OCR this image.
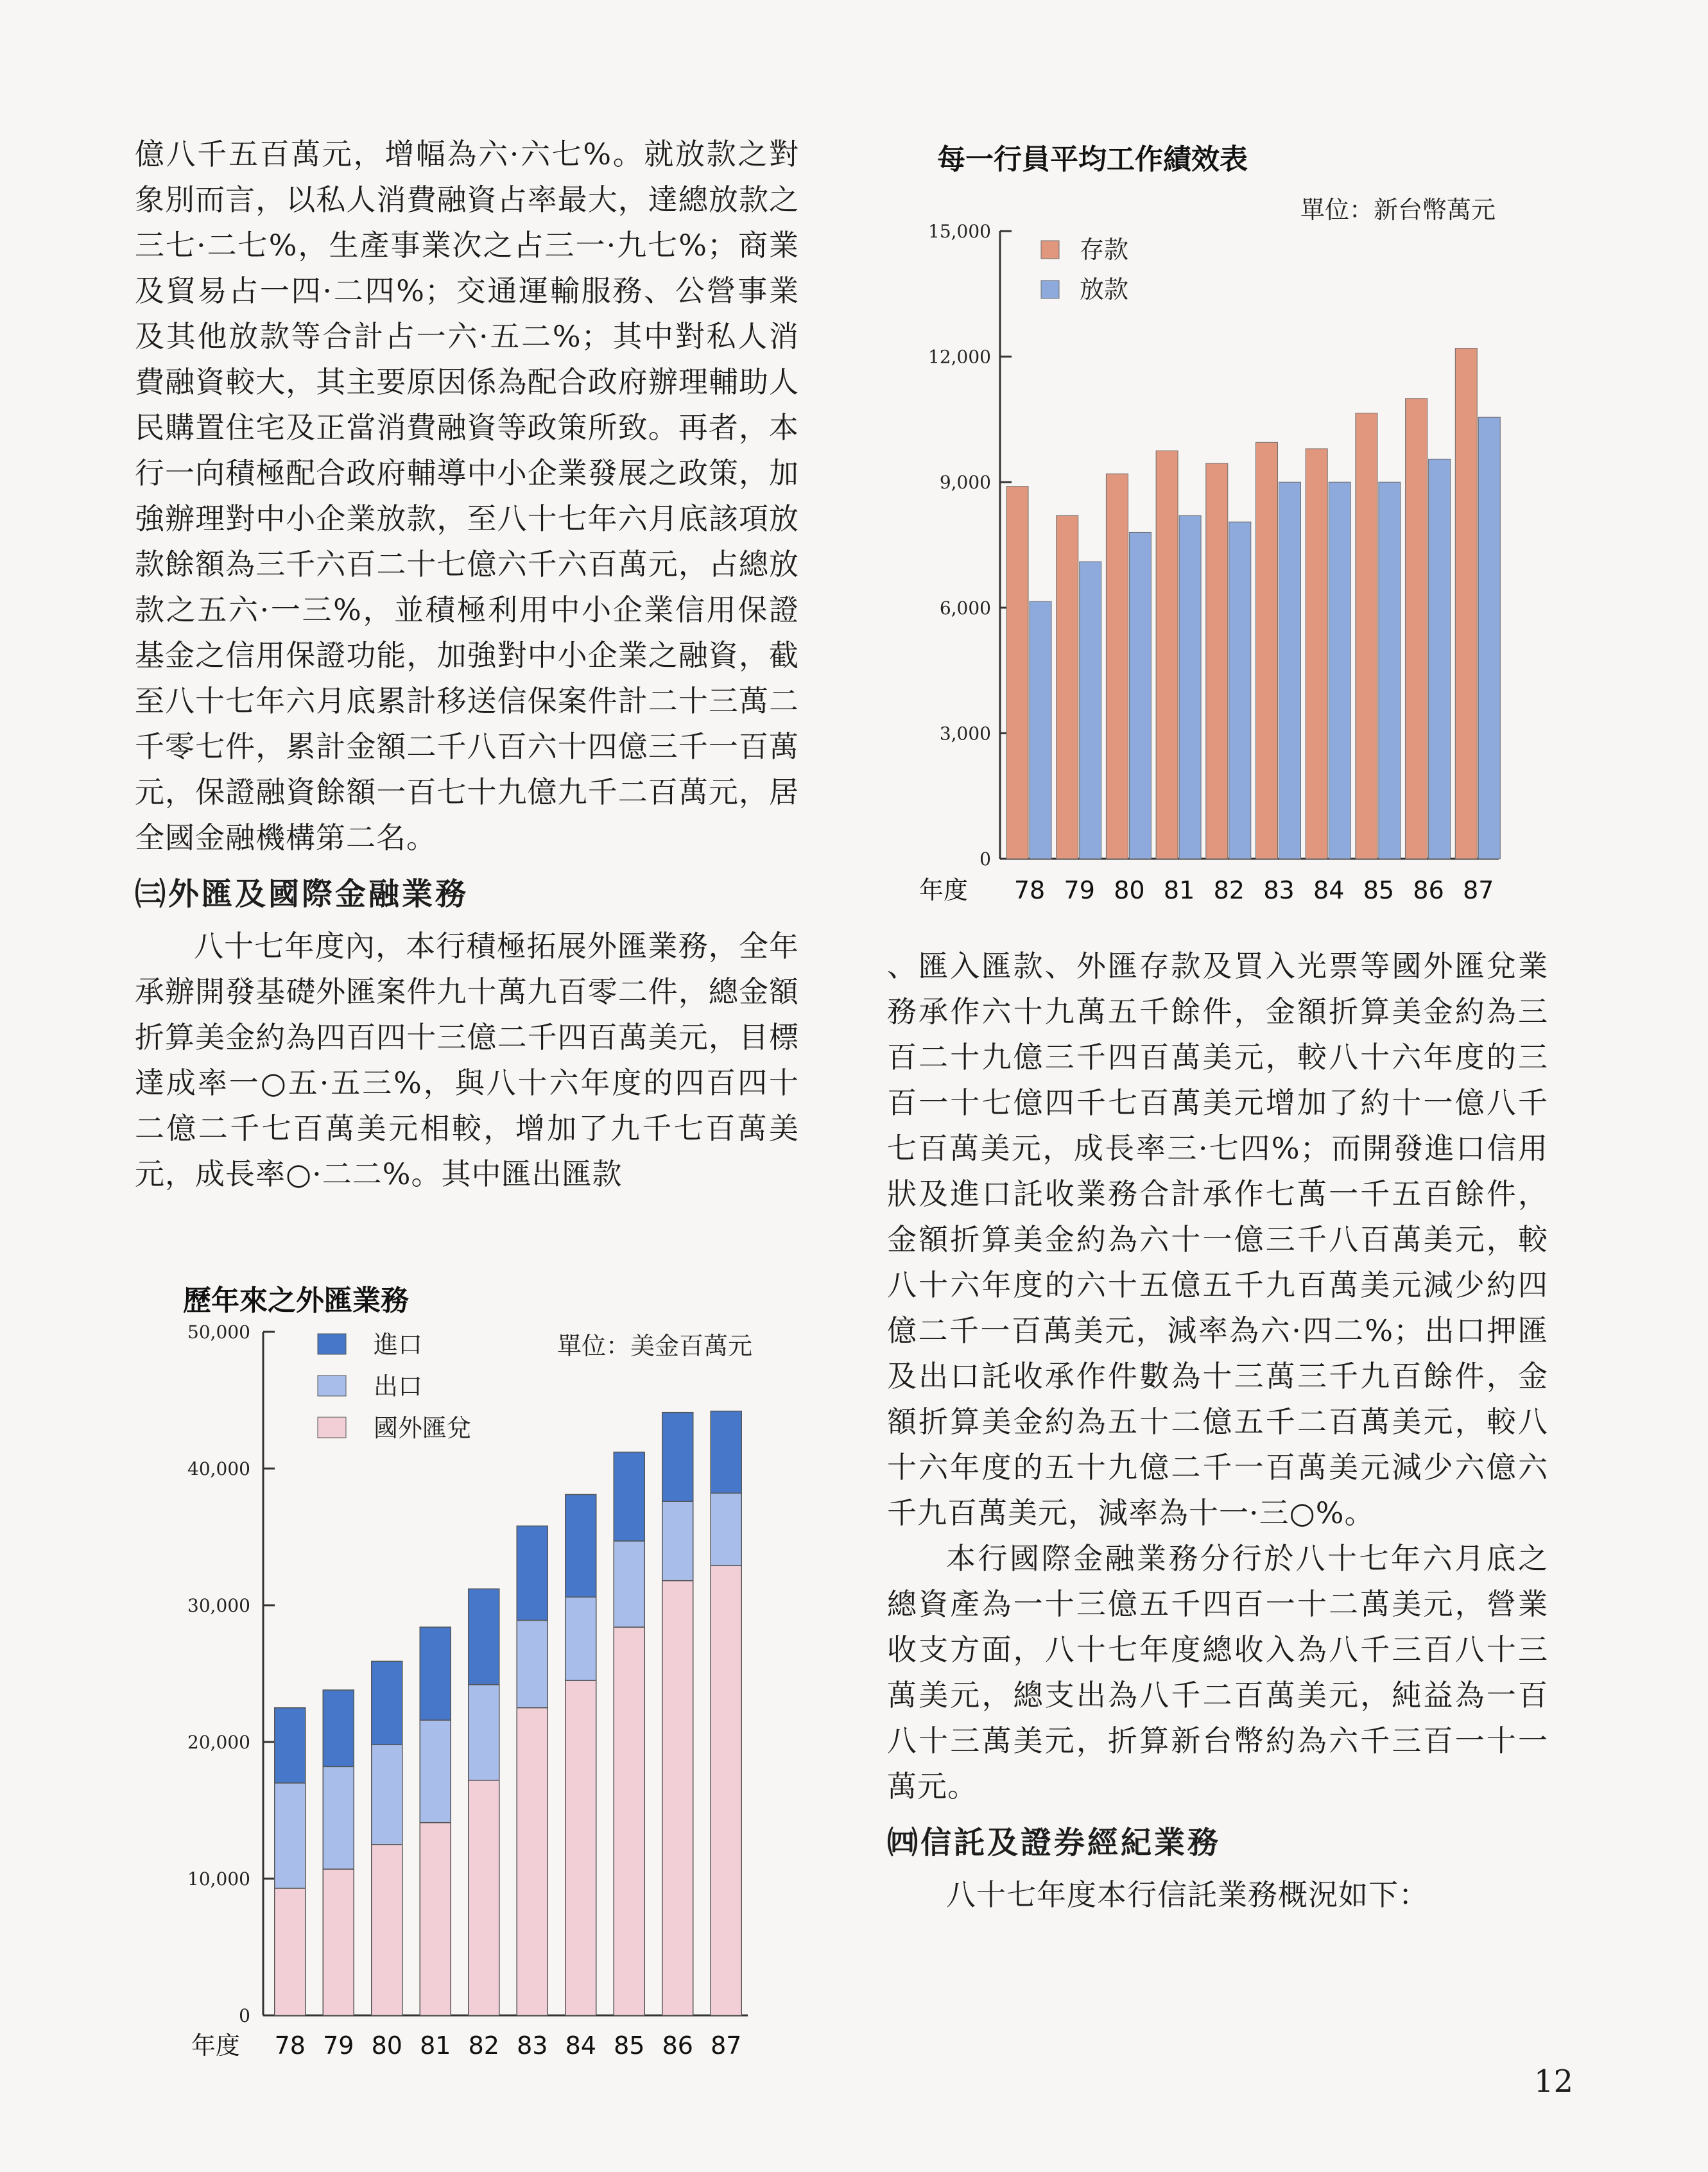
億八千五百萬元，增幅為六·六七%。就放款之對象別而言，以私人消費融資占率最大，達總放款之三七·二七%，生產事業次之占三一·九七%；商業及貿易占一四·二四%；交通運輸服務、公營事業及其他放款等合計占一六·五二%；其中對私人消費融資較大，其主要原因係為配合政府辦理輔助人民購置住宅及正當消費融資等政策所致。再者，本行一向積極配合政府輔導中小企業發展之政策，加強辦理對中小企業放款，至八十七年六月底該項放款餘額為三千六百二十七億六千六百萬元，占總放款之五六·一三%，並積極利用中小企業信用保證基金之信用保證功能，加強對中小企業之融資，截至八十七年六月底累計移送信保案件計二十三萬二千零七件，累計金額二千八百六十四億三千一百萬元，保證融資餘額一百七十九億九千二百萬元，居全國金融機構第二名。

㈢外匯及國際金融業務

八十七年度內，本行積極拓展外匯業務，全年承辦開發基礎外匯案件九十萬九百零二件，總金額折算美金約為四百四十三億二千四百萬美元，目標達成率一○五·五三%，與八十六年度的四百四十二億二千七百萬美元相較，增加了九千七百萬美元，成長率○·二二%。其中匯出匯款

、匯入匯款、外匯存款及買入光票等國外匯兌業務承作六十九萬五千餘件，金額折算美金約為三百二十九億三千四百萬美元，較八十六年度的三百一十七億四千七百萬美元增加了約十一億八千七百萬美元，成長率三·七四%；而開發進口信用狀及進口託收業務合計承作七萬一千五百餘件，金額折算美金約為六十一億三千八百萬美元，較八十六年度的六十五億五千九百萬美元減少約四億二千一百萬美元，減率為六·四二%；出口押匯及出口託收承作件數為十三萬三千九百餘件，金額折算美金約為五十二億五千二百萬美元，較八十六年度的五十九億二千一百萬美元減少六億六千九百萬美元，減率為十一·三○%。

本行國際金融業務分行於八十七年六月底之總資產為一十三億五千四百一十二萬美元，營業收支方面，八十七年度總收入為八千三百八十三萬美元，總支出為八千二百萬美元，純益為一百八十三萬美元，折算新台幣約為六千三百一十一萬元。

㈣信託及證券經紀業務

八十七年度本行信託業務概況如下：

每一行員平均工作績效表
歷年來之外匯業務
0
3,000
6,000
9,000
12,000
15,000
78 79 80 81 82 83 84 85 86 87
年度
單位：新台幣萬元
存款
放款
0
10,000
20,000
30,000
40,000
50,000
78 79 80 81 82 83 84 85 86 87
年度
單位：美金百萬元
進口
出口
國外匯兌
12
